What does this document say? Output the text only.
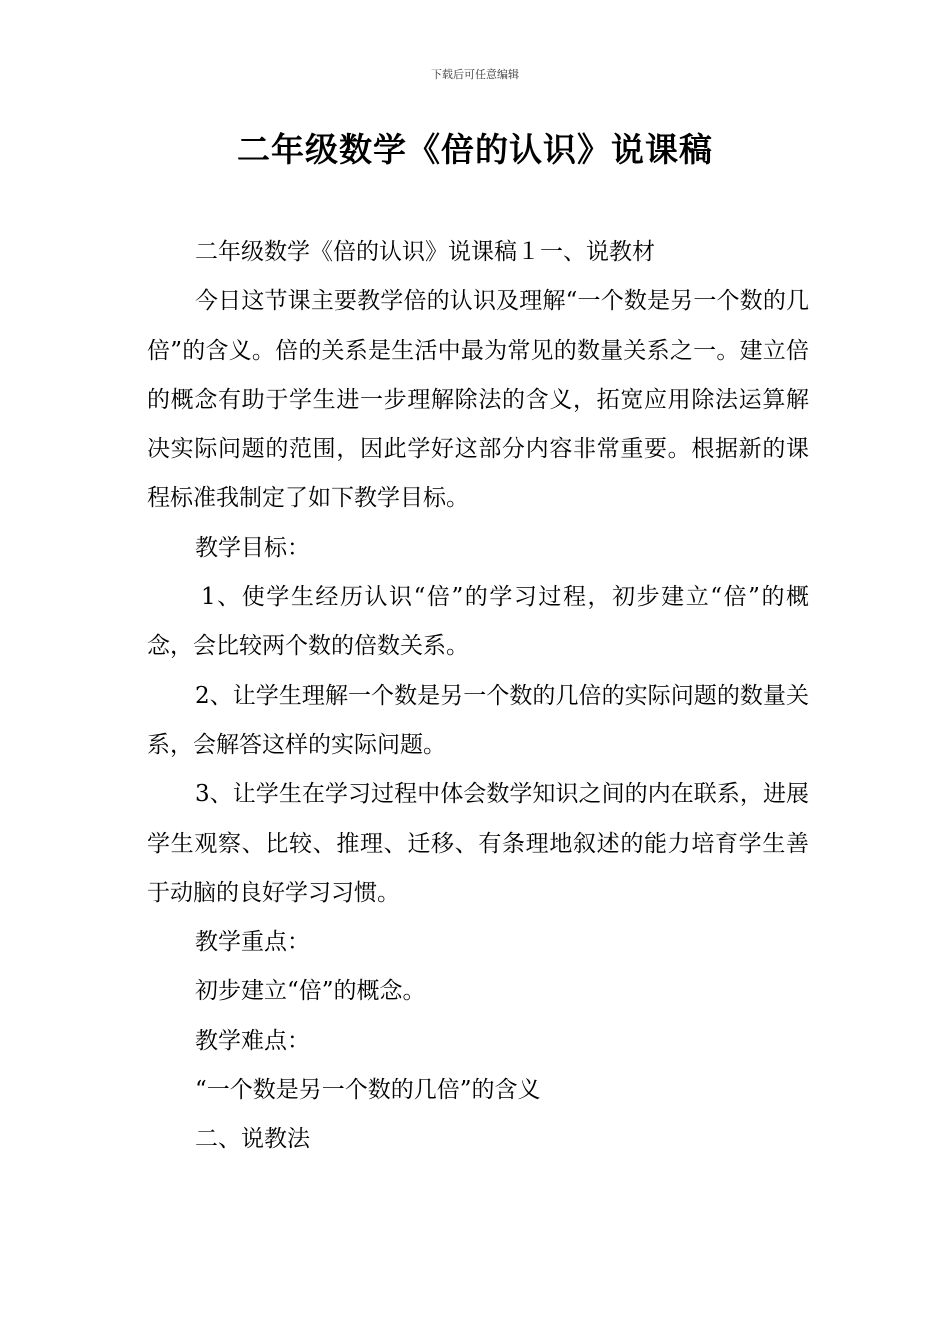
下载后可任意编辑
二年级数学《倍的认识》说课稿

二年级数学《倍的认识》说课稿１一、说教材

今日这节课主要教学倍的认识及理解“一个数是另一个数的几倍”的含义。倍的关系是生活中最为常见的数量关系之一。建立倍的概念有助于学生进一步理解除法的含义，拓宽应用除法运算解决实际问题的范围，因此学好这部分内容非常重要。根据新的课程标准我制定了如下教学目标。

教学目标：

1、使学生经历认识“倍”的学习过程，初步建立“倍”的概念，会比较两个数的倍数关系。

2、让学生理解一个数是另一个数的几倍的实际问题的数量关系，会解答这样的实际问题。

3、让学生在学习过程中体会数学知识之间的内在联系，进展学生观察、比较、推理、迁移、有条理地叙述的能力培育学生善于动脑的良好学习习惯。

教学重点：

初步建立“倍”的概念。

教学难点：

“一个数是另一个数的几倍”的含义

二、说教法
